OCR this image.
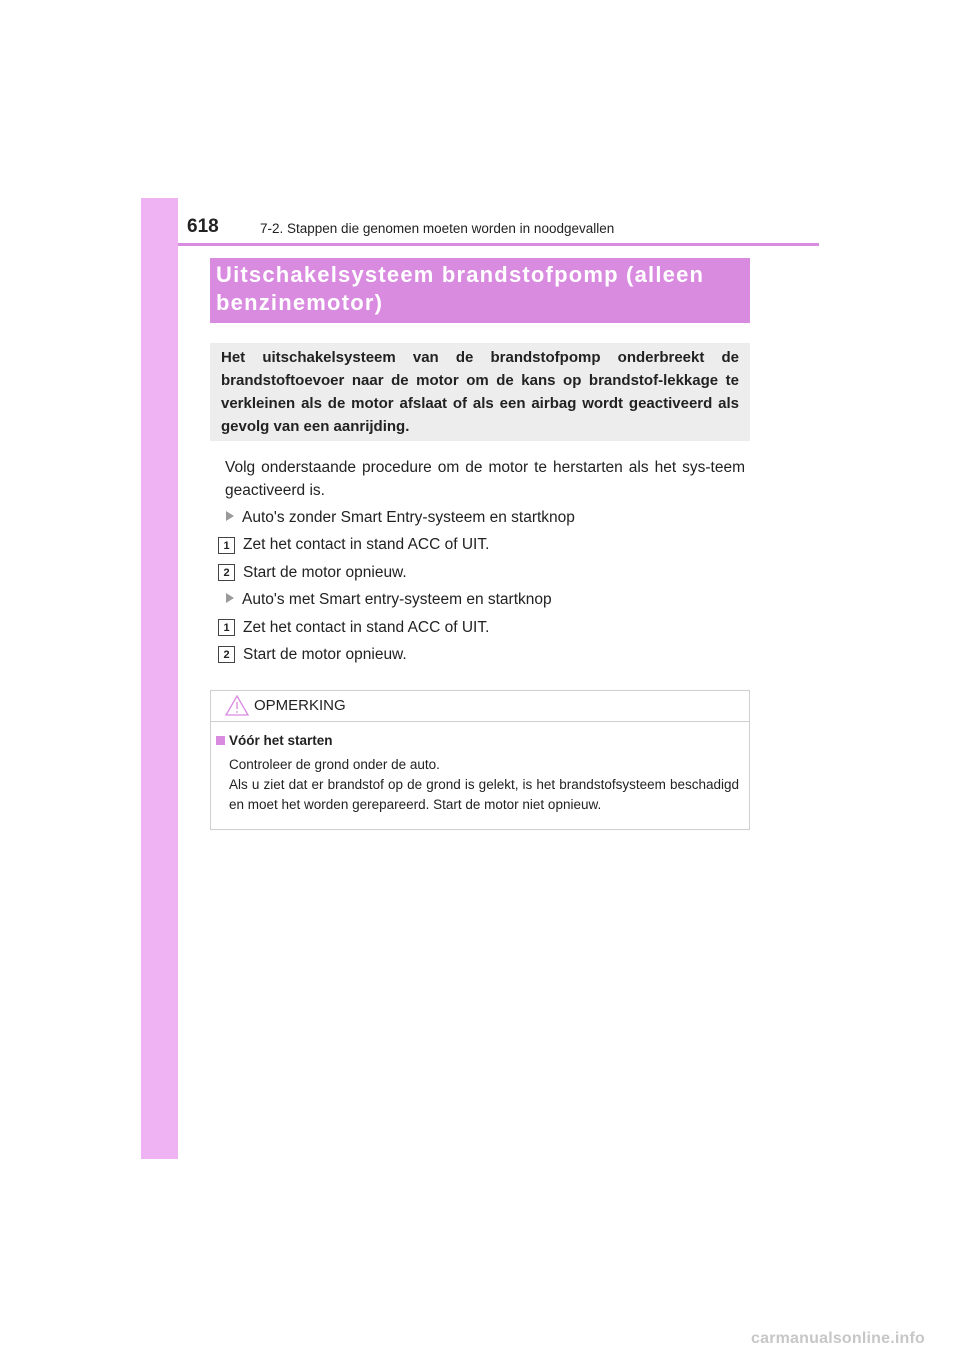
618	7-2. Stappen die genomen moeten worden in noodgevallen
Uitschakelsysteem brandstofpomp (alleen
benzinemotor)
Het uitschakelsysteem van de brandstofpomp onderbreekt de brandstoftoevoer naar de motor om de kans op brandstof-lekkage te verkleinen als de motor afslaat of als een airbag wordt geactiveerd als gevolg van een aanrijding.
Volg onderstaande procedure om de motor te herstarten als het sys-teem geactiveerd is.
Auto's zonder Smart Entry-systeem en startknop
1 Zet het contact in stand ACC of UIT.
2 Start de motor opnieuw.
Auto's met Smart entry-systeem en startknop
1 Zet het contact in stand ACC of UIT.
2 Start de motor opnieuw.
OPMERKING
Vóór het starten
Controleer de grond onder de auto.
Als u ziet dat er brandstof op de grond is gelekt, is het brandstofsysteem beschadigd en moet het worden gerepareerd. Start de motor niet opnieuw.
carmanualsonline.info
